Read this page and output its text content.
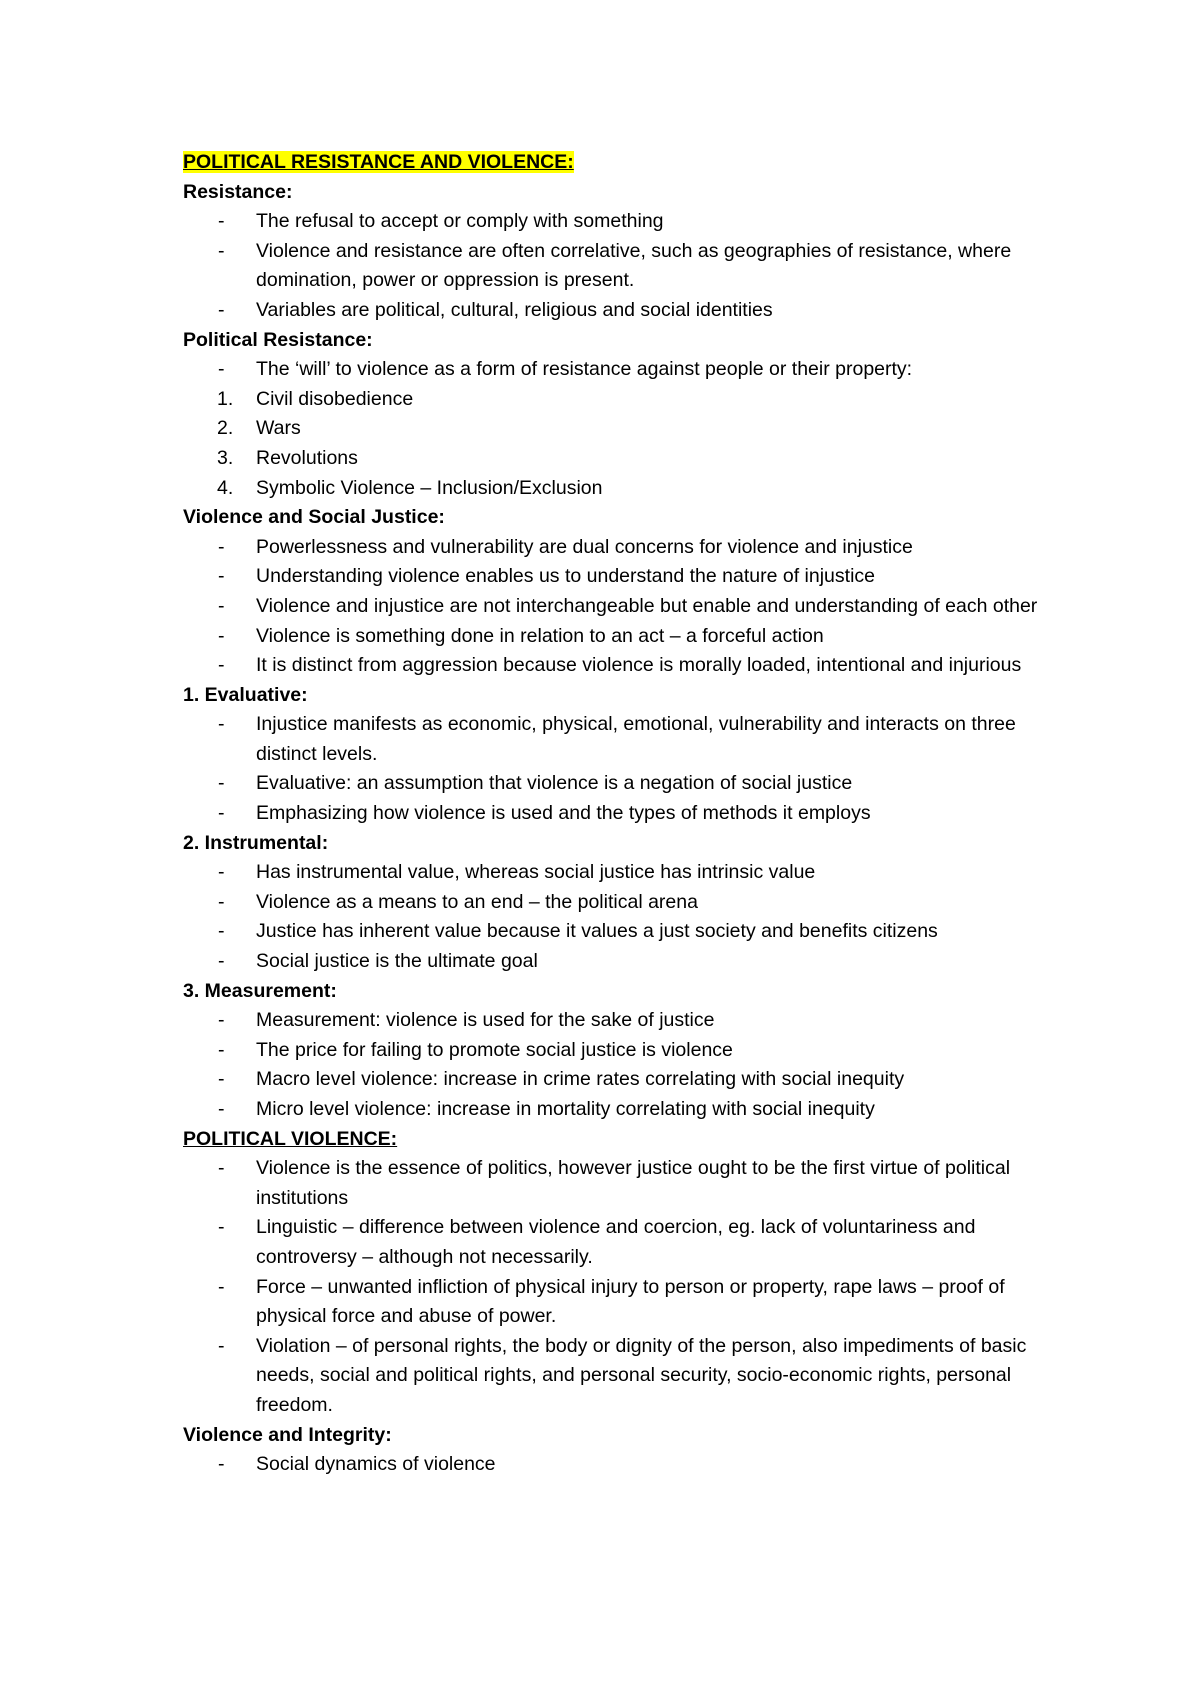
POLITICAL RESISTANCE AND VIOLENCE:

Resistance:

- The refusal to accept or comply with something
- Violence and resistance are often correlative, such as geographies of resistance, where domination, power or oppression is present.
- Variables are political, cultural, religious and social identities

Political Resistance:

- The ‘will’ to violence as a form of resistance against people or their property:
1. Civil disobedience
2. Wars
3. Revolutions
4. Symbolic Violence – Inclusion/Exclusion

Violence and Social Justice:

- Powerlessness and vulnerability are dual concerns for violence and injustice
- Understanding violence enables us to understand the nature of injustice
- Violence and injustice are not interchangeable but enable and understanding of each other
- Violence is something done in relation to an act – a forceful action
- It is distinct from aggression because violence is morally loaded, intentional and injurious

1. Evaluative:

- Injustice manifests as economic, physical, emotional, vulnerability and interacts on three distinct levels.
- Evaluative: an assumption that violence is a negation of social justice
- Emphasizing how violence is used and the types of methods it employs

2. Instrumental:

- Has instrumental value, whereas social justice has intrinsic value
- Violence as a means to an end – the political arena
- Justice has inherent value because it values a just society and benefits citizens
- Social justice is the ultimate goal

3. Measurement:

- Measurement: violence is used for the sake of justice
- The price for failing to promote social justice is violence
- Macro level violence: increase in crime rates correlating with social inequity
- Micro level violence: increase in mortality correlating with social inequity

POLITICAL VIOLENCE:

- Violence is the essence of politics, however justice ought to be the first virtue of political institutions
- Linguistic – difference between violence and coercion, eg. lack of voluntariness and controversy – although not necessarily.
- Force – unwanted infliction of physical injury to person or property, rape laws – proof of physical force and abuse of power.
- Violation – of personal rights, the body or dignity of the person, also impediments of basic needs, social and political rights, and personal security, socio-economic rights, personal freedom.

Violence and Integrity:

- Social dynamics of violence
